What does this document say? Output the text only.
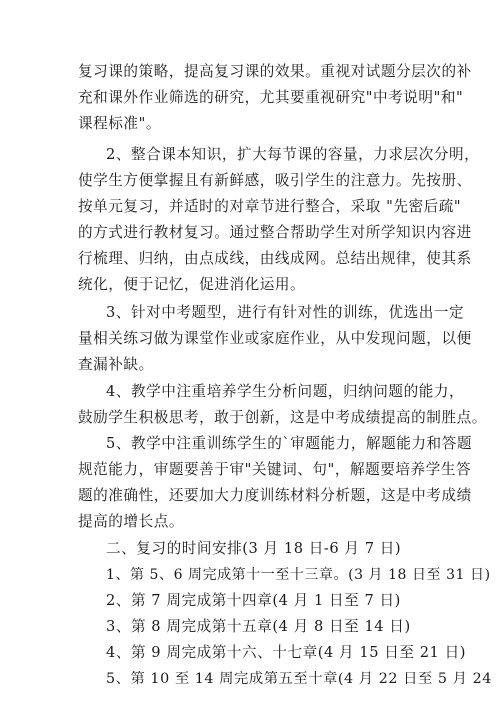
复习课的策略，提高复习课的效果。重视对试题分层次的补
充和课外作业筛选的研究，尤其要重视研究"中考说明"和"
课程标准"。
2、整合课本知识，扩大每节课的容量，力求层次分明，
使学生方便掌握且有新鲜感，吸引学生的注意力。先按册、
按单元复习，并适时的对章节进行整合，采取 "先密后疏"
的方式进行教材复习。通过整合帮助学生对所学知识内容进
行梳理、归纳，由点成线，由线成网。总结出规律，使其系
统化，便于记忆，促进消化运用。
3、针对中考题型，进行有针对性的训练，优选出一定
量相关练习做为课堂作业或家庭作业，从中发现问题，以便
查漏补缺。
4、教学中注重培养学生分析问题，归纳问题的能力，
鼓励学生积极思考，敢于创新，这是中考成绩提高的制胜点。
5、教学中注重训练学生的`审题能力，解题能力和答题
规范能力，审题要善于审"关键词、句"，解题要培养学生答
题的准确性，还要加大力度训练材料分析题，这是中考成绩
提高的增长点。
二、复习的时间安排(3 月 18 日-6 月 7 日)
1、第 5、6 周完成第十一至十三章。(3 月 18 日至 31 日)
2、第 7 周完成第十四章(4 月 1 日至 7 日)
3、第 8 周完成第十五章(4 月 8 日至 14 日)
4、第 9 周完成第十六、十七章(4 月 15 日至 21 日)
5、第 10 至 14 周完成第五至十章(4 月 22 日至 5 月 24
